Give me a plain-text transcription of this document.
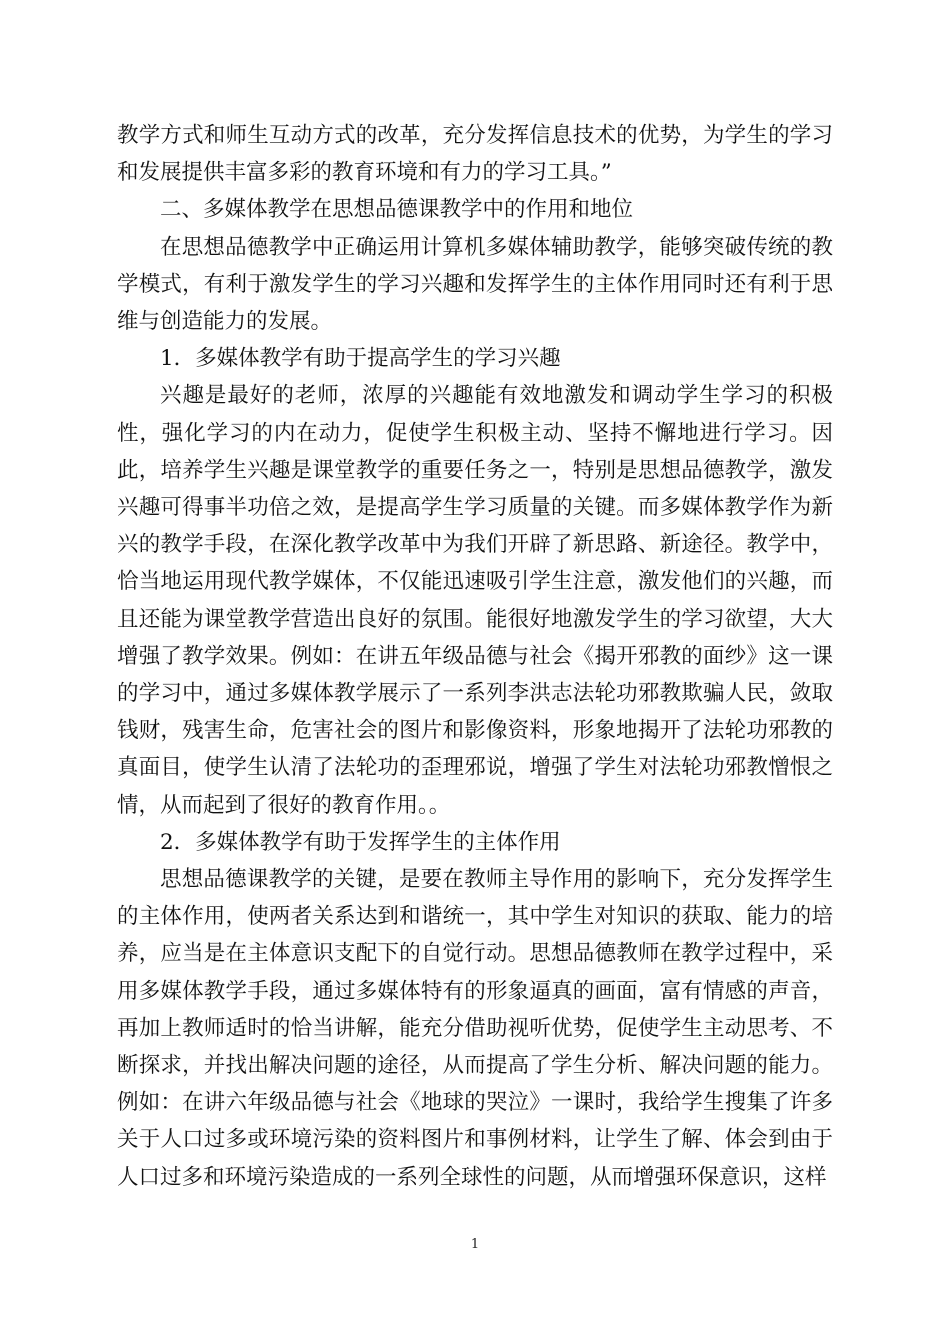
教学方式和师生互动方式的改革，充分发挥信息技术的优势，为学生的学习和发展提供丰富多彩的教育环境和有力的学习工具。”

二、多媒体教学在思想品德课教学中的作用和地位

在思想品德教学中正确运用计算机多媒体辅助教学，能够突破传统的教学模式，有利于激发学生的学习兴趣和发挥学生的主体作用同时还有利于思维与创造能力的发展。

1．多媒体教学有助于提高学生的学习兴趣

兴趣是最好的老师，浓厚的兴趣能有效地激发和调动学生学习的积极性，强化学习的内在动力，促使学生积极主动、坚持不懈地进行学习。因此，培养学生兴趣是课堂教学的重要任务之一，特别是思想品德教学，激发兴趣可得事半功倍之效，是提高学生学习质量的关键。而多媒体教学作为新兴的教学手段，在深化教学改革中为我们开辟了新思路、新途径。教学中，恰当地运用现代教学媒体，不仅能迅速吸引学生注意，激发他们的兴趣，而且还能为课堂教学营造出良好的氛围。能很好地激发学生的学习欲望，大大增强了教学效果。例如：在讲五年级品德与社会《揭开邪教的面纱》这一课的学习中，通过多媒体教学展示了一系列李洪志法轮功邪教欺骗人民，敛取钱财，残害生命，危害社会的图片和影像资料，形象地揭开了法轮功邪教的真面目，使学生认清了法轮功的歪理邪说，增强了学生对法轮功邪教憎恨之情，从而起到了很好的教育作用。。

2．多媒体教学有助于发挥学生的主体作用

思想品德课教学的关键，是要在教师主导作用的影响下，充分发挥学生的主体作用，使两者关系达到和谐统一，其中学生对知识的获取、能力的培养，应当是在主体意识支配下的自觉行动。思想品德教师在教学过程中，采用多媒体教学手段，通过多媒体特有的形象逼真的画面，富有情感的声音，再加上教师适时的恰当讲解，能充分借助视听优势，促使学生主动思考、不断探求，并找出解决问题的途径，从而提高了学生分析、解决问题的能力。例如：在讲六年级品德与社会《地球的哭泣》一课时，我给学生搜集了许多关于人口过多或环境污染的资料图片和事例材料，让学生了解、体会到由于人口过多和环境污染造成的一系列全球性的问题，从而增强环保意识，这样

1
